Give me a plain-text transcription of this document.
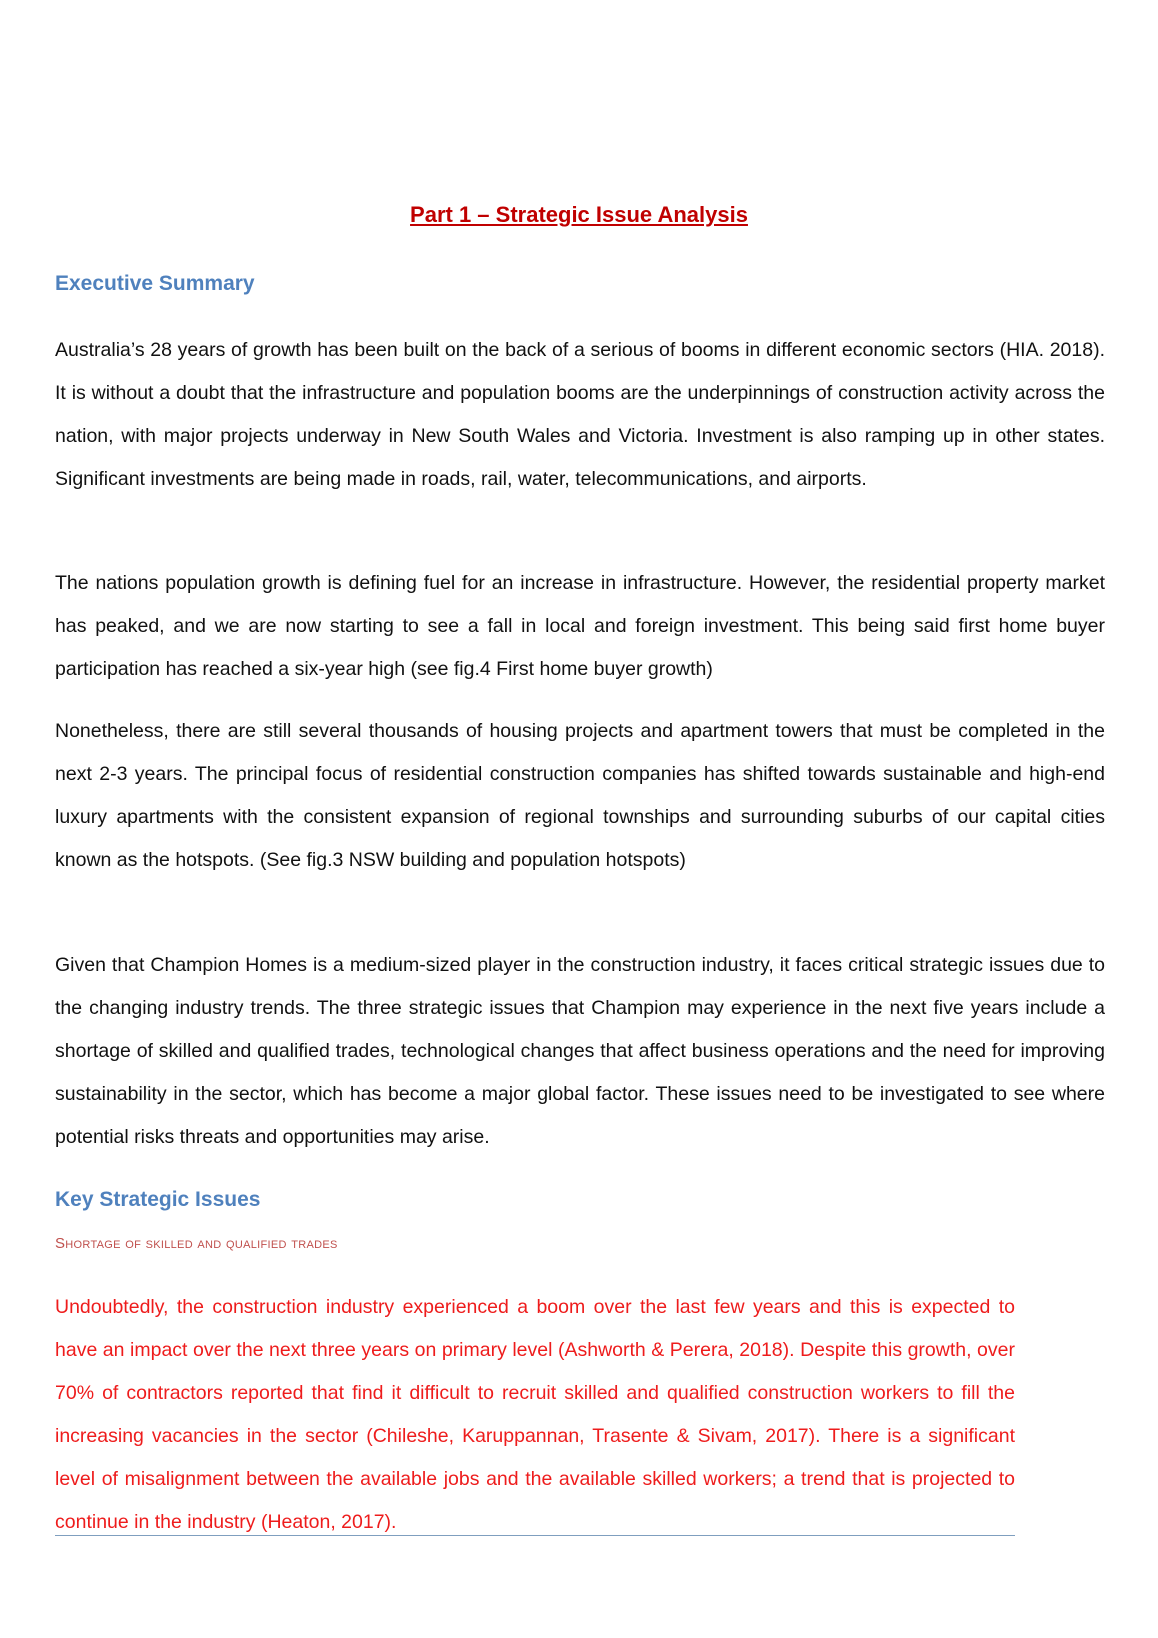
Part 1 – Strategic Issue Analysis
Executive Summary

Australia’s 28 years of growth has been built on the back of a serious of booms in different economic sectors (HIA. 2018). It is without a doubt that the infrastructure and population booms are the underpinnings of construction activity across the nation, with major projects underway in New South Wales and Victoria. Investment is also ramping up in other states. Significant investments are being made in roads, rail, water, telecommunications, and airports.

The nations population growth is defining fuel for an increase in infrastructure. However, the residential property market has peaked, and we are now starting to see a fall in local and foreign investment. This being said first home buyer participation has reached a six-year high (see fig.4 First home buyer growth)

Nonetheless, there are still several thousands of housing projects and apartment towers that must be completed in the next 2-3 years. The principal focus of residential construction companies has shifted towards sustainable and high-end luxury apartments with the consistent expansion of regional townships and surrounding suburbs of our capital cities known as the hotspots. (See fig.3 NSW building and population hotspots)

Given that Champion Homes is a medium-sized player in the construction industry, it faces critical strategic issues due to the changing industry trends. The three strategic issues that Champion may experience in the next five years include a shortage of skilled and qualified trades, technological changes that affect business operations and the need for improving sustainability in the sector, which has become a major global factor. These issues need to be investigated to see where potential risks threats and opportunities may arise.

Key Strategic Issues
Shortage of skilled and qualified trades

Undoubtedly, the construction industry experienced a boom over the last few years and this is expected to have an impact over the next three years on primary level (Ashworth & Perera, 2018). Despite this growth, over 70% of contractors reported that find it difficult to recruit skilled and qualified construction workers to fill the increasing vacancies in the sector (Chileshe, Karuppannan, Trasente & Sivam, 2017). There is a significant level of misalignment between the available jobs and the available skilled workers; a trend that is projected to continue in the industry (Heaton, 2017).
